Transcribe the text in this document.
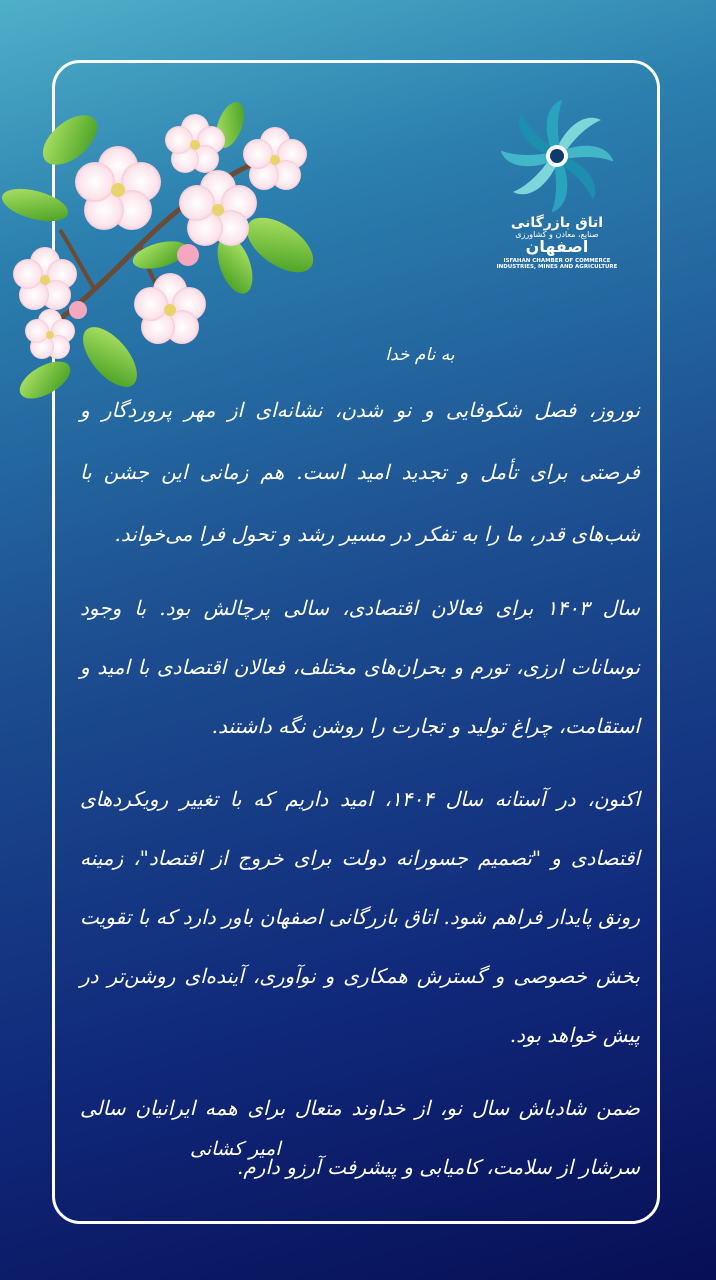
اتاق بازرگانی
صنایع، معادن و کشاورزی
اصفهان
ISFAHAN CHAMBER OF COMMERCE
INDUSTRIES, MINES AND AGRICULTURE
به نام خدا

نوروز، فصل شکوفایی و نو شدن، نشانه‌ای از مهر پروردگار و فرصتی برای تأمل و تجدید امید است. هم زمانی این جشن با شب‌های قدر، ما را به تفکر در مسیر رشد و تحول فرا می‌خواند.

سال ۱۴۰۳ برای فعالان اقتصادی، سالی پرچالش بود. با وجود نوسانات ارزی، تورم و بحران‌های مختلف، فعالان اقتصادی با امید و استقامت، چراغ تولید و تجارت را روشن نگه داشتند.

اکنون، در آستانه سال ۱۴۰۴، امید داریم که با تغییر رویکردهای اقتصادی و "تصمیم جسورانه دولت برای خروج از اقتصاد"، زمینه رونق پایدار فراهم شود. اتاق بازرگانی اصفهان باور دارد که با تقویت بخش خصوصی و گسترش همکاری و نوآوری، آینده‌ای روشن‌تر در پیش خواهد بود.

ضمن شادباش سال نو، از خداوند متعال برای همه ایرانیان سالی سرشار از سلامت، کامیابی و پیشرفت آرزو دارم.

امیر کشانی
